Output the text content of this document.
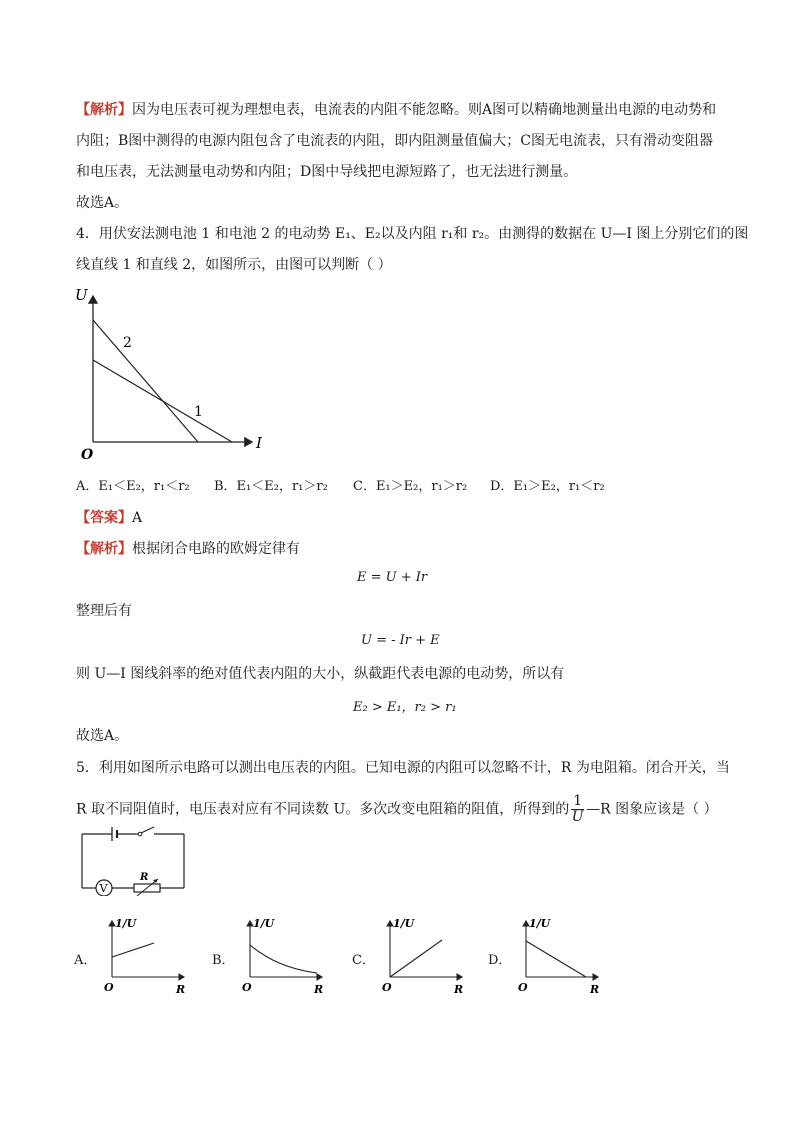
【解析】因为电压表可视为理想电表，电流表的内阻不能忽略。则A图可以精确地测量出电源的电动势和
内阻；B图中测得的电源内阻包含了电流表的内阻，即内阻测量值偏大；C图无电流表，只有滑动变阻器
和电压表，无法测量电动势和内阻；D图中导线把电源短路了，也无法进行测量。
故选A。
4．用伏安法测电池 1 和电池 2 的电动势 E₁、E₂以及内阻 r₁和 r₂。由测得的数据在 U—I 图上分别它们的图
线直线 1 和直线 2，如图所示，由图可以判断（ ）
U
I
O
2
1
A．E₁＜E₂，r₁＜r₂ B．E₁＜E₂，r₁＞r₂ C．E₁＞E₂，r₁＞r₂ D．E₁＞E₂，r₁＜r₂
【答案】A
【解析】根据闭合电路的欧姆定律有
E = U + Ir
整理后有
U = - Ir + E
则 U—I 图线斜率的绝对值代表内阻的大小，纵截距代表电源的电动势，所以有
E₂ > E₁，r₂ > r₁
故选A。
5．利用如图所示电路可以测出电压表的内阻。已知电源的内阻可以忽略不计，R 为电阻箱。闭合开关，当
R 取不同阻值时，电压表对应有不同读数 U。多次改变电阻箱的阻值，所得到的 $\frac{1}{U}$ —R 图象应该是（ ）
V
R
A．
1/U
R
O
B．
1/U
R
O
C．
1/U
R
O
D．
1/U
R
O
